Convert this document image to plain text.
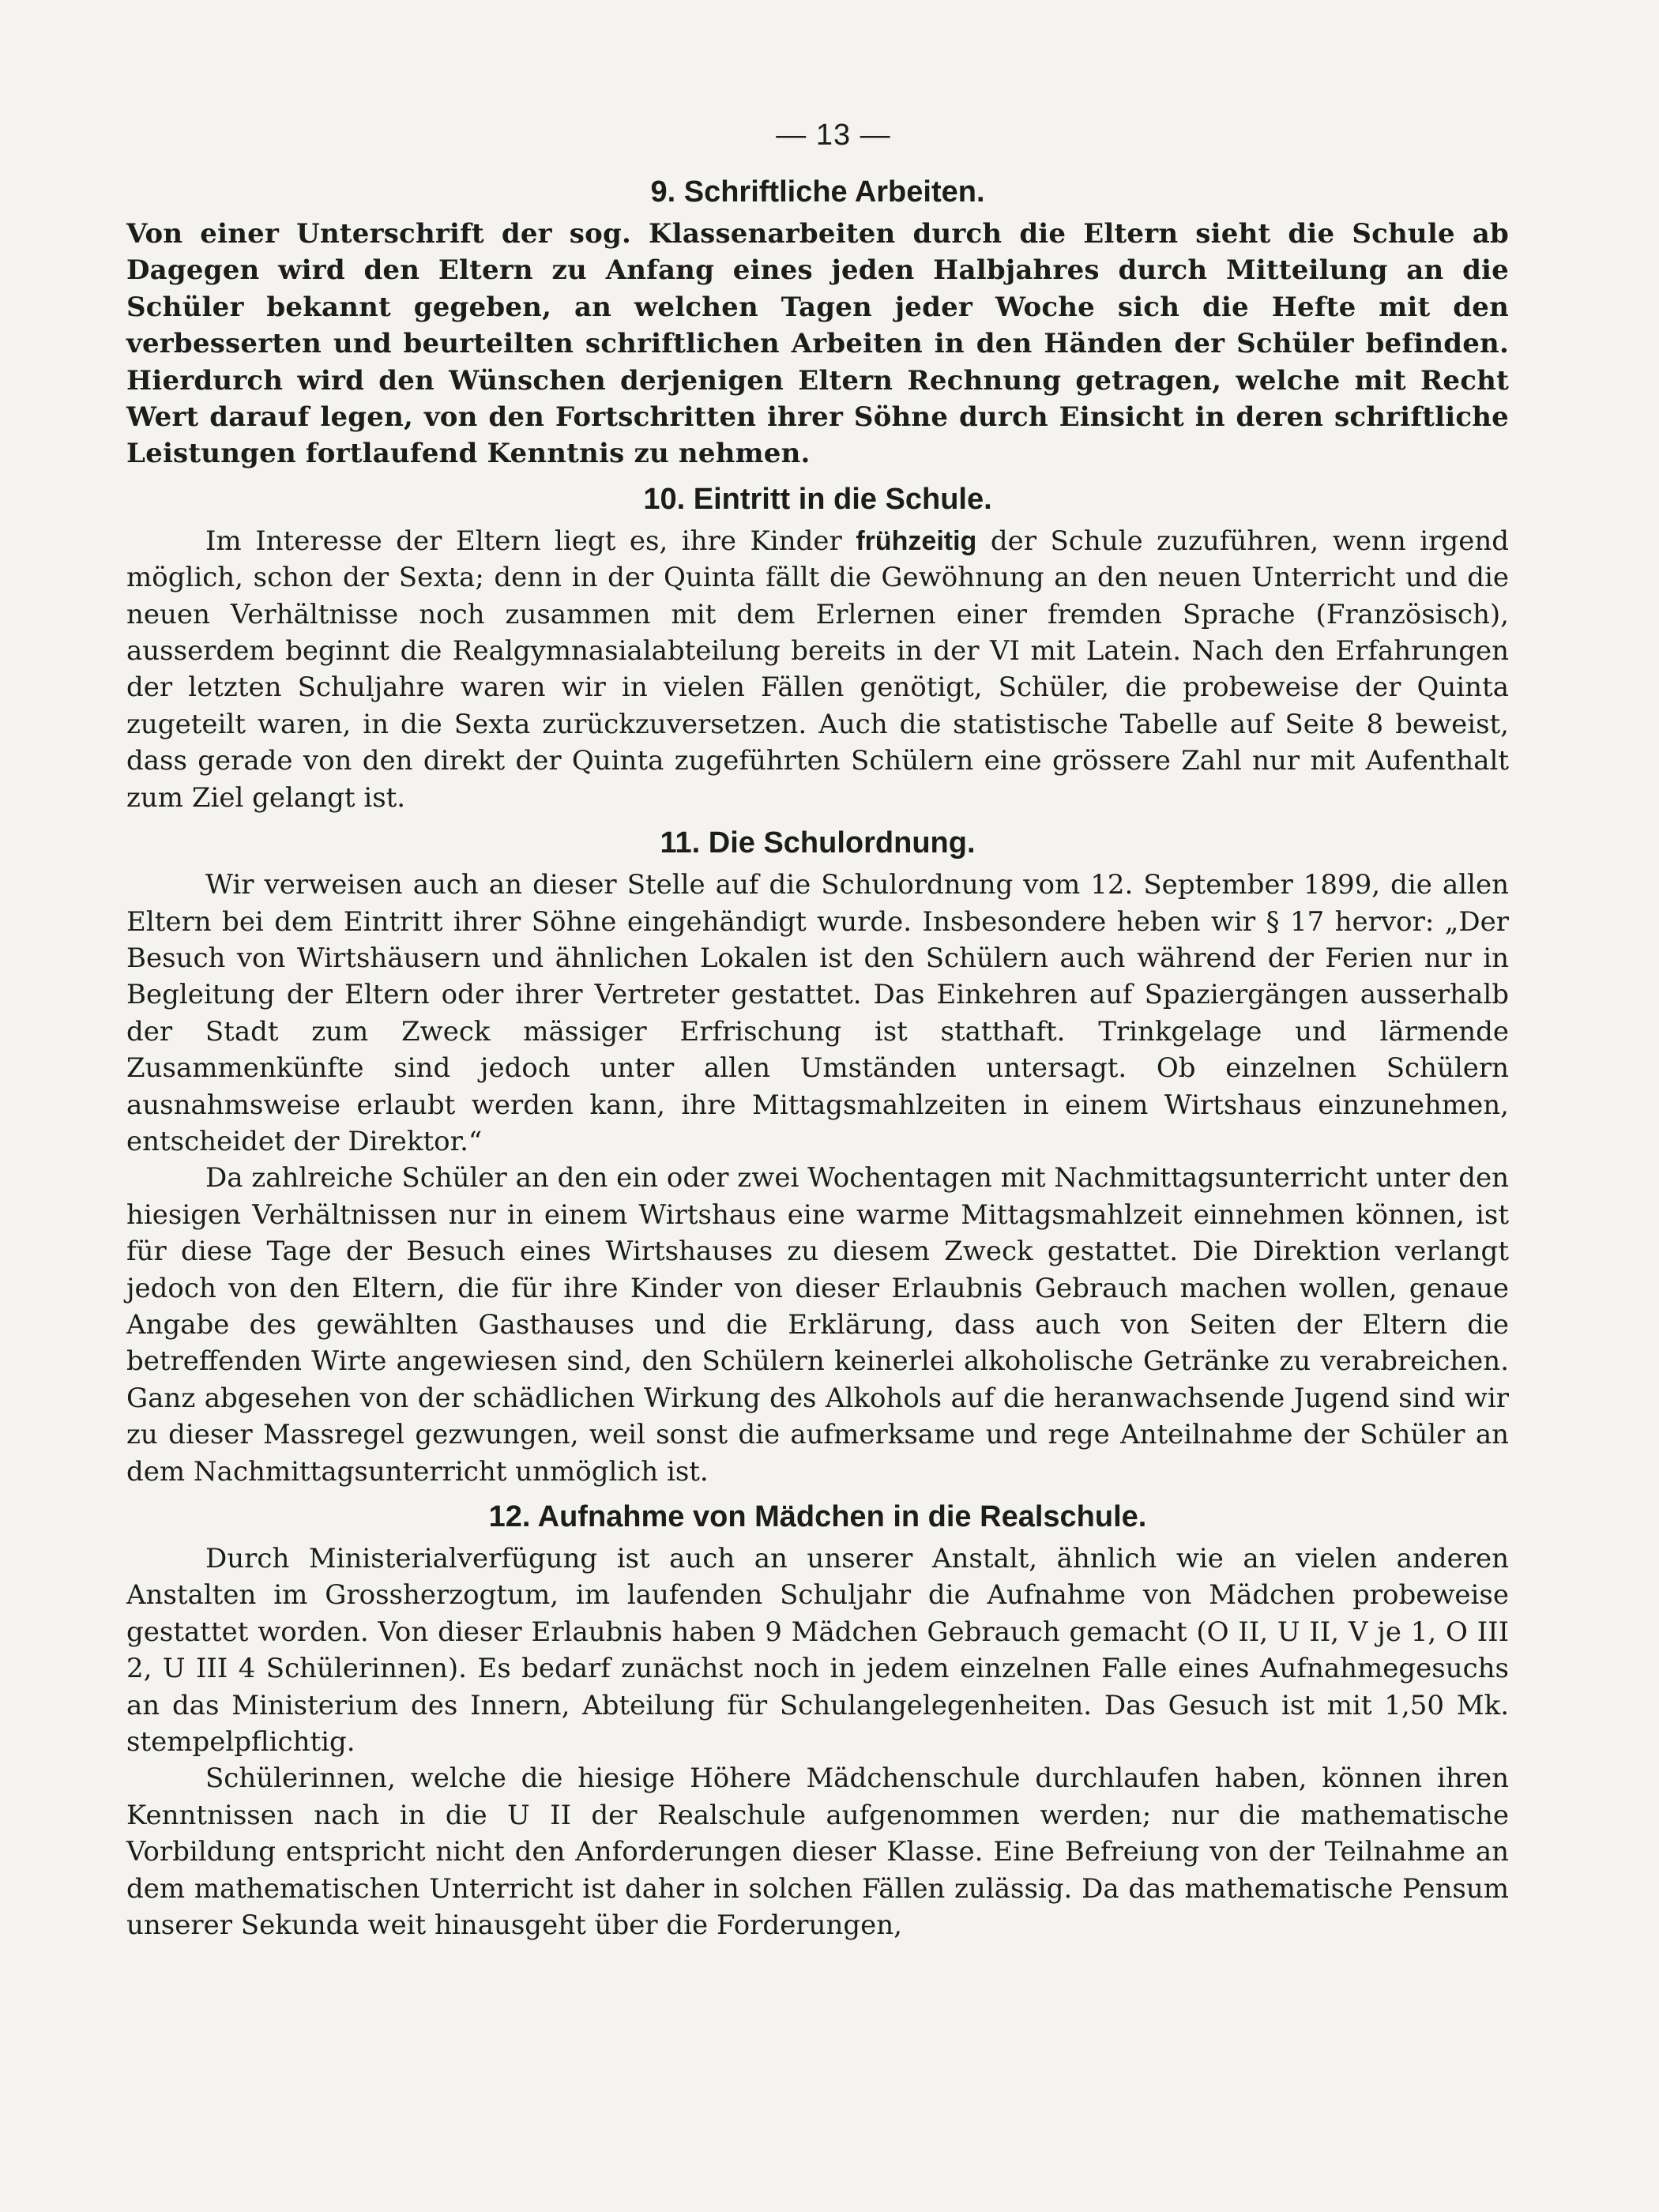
— 13 —
9. Schriftliche Arbeiten.

Von einer Unterschrift der sog. Klassenarbeiten durch die Eltern sieht die Schule ab Dagegen wird den Eltern zu Anfang eines jeden Halbjahres durch Mitteilung an die Schüler bekannt gegeben, an welchen Tagen jeder Woche sich die Hefte mit den verbesserten und beurteilten schriftlichen Arbeiten in den Händen der Schüler befinden. Hierdurch wird den Wünschen derjenigen Eltern Rechnung getragen, welche mit Recht Wert darauf legen, von den Fortschritten ihrer Söhne durch Einsicht in deren schriftliche Leistungen fortlaufend Kenntnis zu nehmen.

10. Eintritt in die Schule.

Im Interesse der Eltern liegt es, ihre Kinder frühzeitig der Schule zuzuführen, wenn irgend möglich, schon der Sexta; denn in der Quinta fällt die Gewöhnung an den neuen Unterricht und die neuen Verhältnisse noch zusammen mit dem Erlernen einer fremden Sprache (Französisch), ausserdem beginnt die Realgymnasialabteilung bereits in der VI mit Latein. Nach den Erfahrungen der letzten Schuljahre waren wir in vielen Fällen genötigt, Schüler, die probeweise der Quinta zugeteilt waren, in die Sexta zurückzuversetzen. Auch die statistische Tabelle auf Seite 8 beweist, dass gerade von den direkt der Quinta zugeführten Schülern eine grössere Zahl nur mit Aufenthalt zum Ziel gelangt ist.

11. Die Schulordnung.

Wir verweisen auch an dieser Stelle auf die Schulordnung vom 12. September 1899, die allen Eltern bei dem Eintritt ihrer Söhne eingehändigt wurde. Insbesondere heben wir § 17 hervor: „Der Besuch von Wirtshäusern und ähnlichen Lokalen ist den Schülern auch während der Ferien nur in Begleitung der Eltern oder ihrer Vertreter gestattet. Das Einkehren auf Spaziergängen ausserhalb der Stadt zum Zweck mässiger Erfrischung ist statthaft. Trinkgelage und lärmende Zusammenkünfte sind jedoch unter allen Umständen untersagt. Ob einzelnen Schülern ausnahmsweise erlaubt werden kann, ihre Mittagsmahlzeiten in einem Wirtshaus einzunehmen, entscheidet der Direktor.“

Da zahlreiche Schüler an den ein oder zwei Wochentagen mit Nachmittagsunterricht unter den hiesigen Verhältnissen nur in einem Wirtshaus eine warme Mittagsmahlzeit einnehmen können, ist für diese Tage der Besuch eines Wirtshauses zu diesem Zweck gestattet. Die Direktion verlangt jedoch von den Eltern, die für ihre Kinder von dieser Erlaubnis Gebrauch machen wollen, genaue Angabe des gewählten Gasthauses und die Erklärung, dass auch von Seiten der Eltern die betreffenden Wirte angewiesen sind, den Schülern keinerlei alkoholische Getränke zu verabreichen. Ganz abgesehen von der schädlichen Wirkung des Alkohols auf die heranwachsende Jugend sind wir zu dieser Massregel gezwungen, weil sonst die aufmerksame und rege Anteilnahme der Schüler an dem Nachmittagsunterricht unmöglich ist.

12. Aufnahme von Mädchen in die Realschule.

Durch Ministerialverfügung ist auch an unserer Anstalt, ähnlich wie an vielen anderen Anstalten im Grossherzogtum, im laufenden Schuljahr die Aufnahme von Mädchen probeweise gestattet worden. Von dieser Erlaubnis haben 9 Mädchen Gebrauch gemacht (O II, U II, V je 1, O III 2, U III 4 Schülerinnen). Es bedarf zunächst noch in jedem einzelnen Falle eines Aufnahmegesuchs an das Ministerium des Innern, Abteilung für Schulangelegenheiten. Das Gesuch ist mit 1,50 Mk. stempelpflichtig.

Schülerinnen, welche die hiesige Höhere Mädchenschule durchlaufen haben, können ihren Kenntnissen nach in die U II der Realschule aufgenommen werden; nur die mathematische Vorbildung entspricht nicht den Anforderungen dieser Klasse. Eine Befreiung von der Teilnahme an dem mathematischen Unterricht ist daher in solchen Fällen zulässig. Da das mathematische Pensum unserer Sekunda weit hinausgeht über die Forderungen,
